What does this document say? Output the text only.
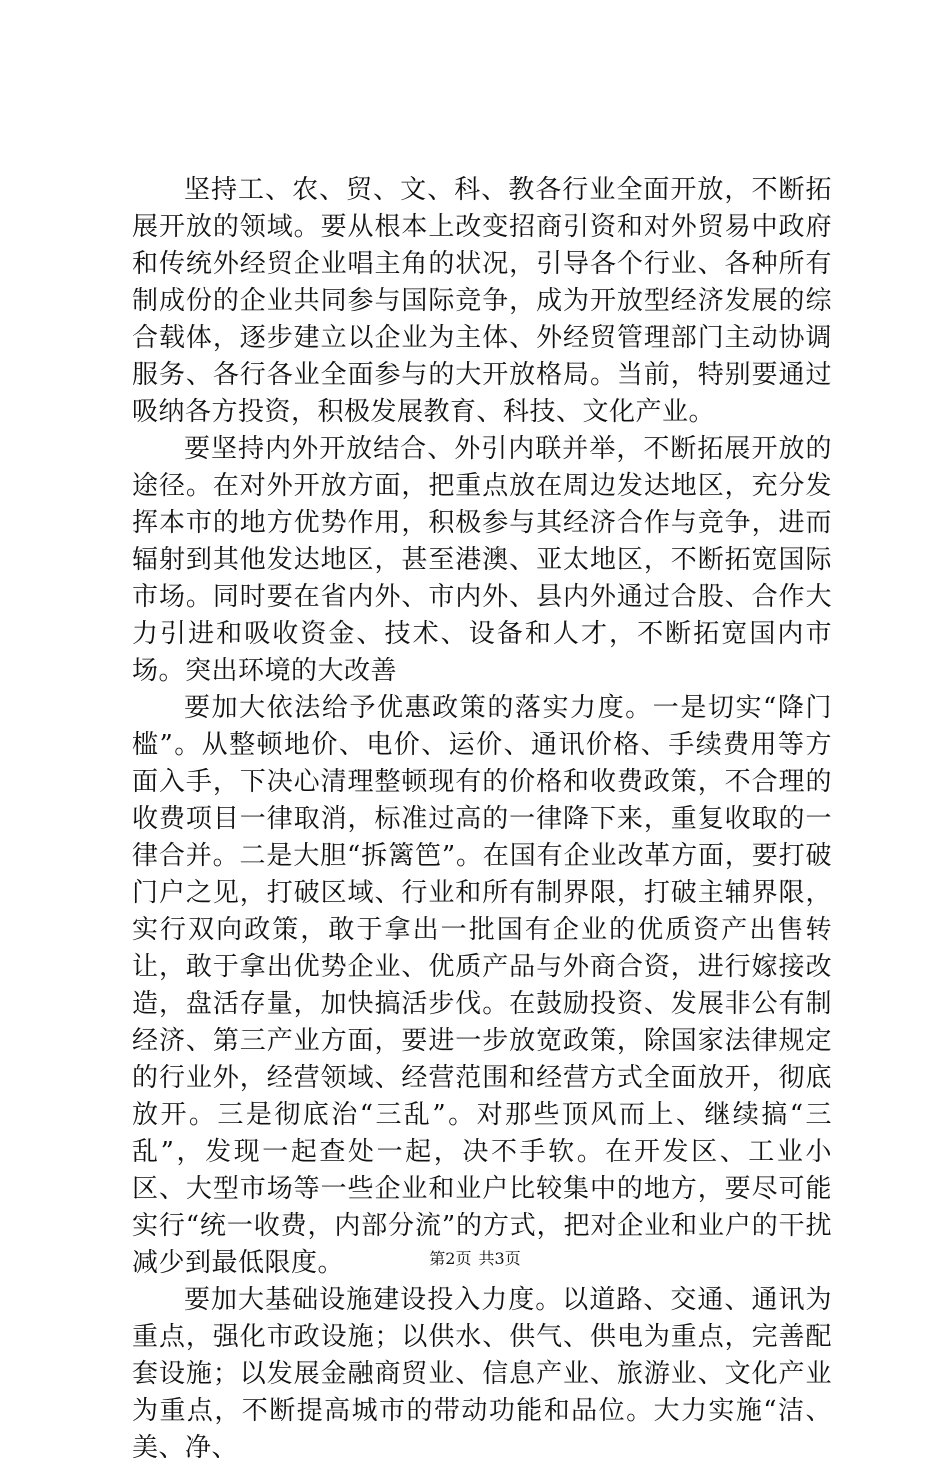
坚持工、农、贸、文、科、教各行业全面开放，不断拓展开放的领域。要从根本上改变招商引资和对外贸易中政府和传统外经贸企业唱主角的状况，引导各个行业、各种所有制成份的企业共同参与国际竞争，成为开放型经济发展的综合载体，逐步建立以企业为主体、外经贸管理部门主动协调服务、各行各业全面参与的大开放格局。当前，特别要通过吸纳各方投资，积极发展教育、科技、文化产业。

要坚持内外开放结合、外引内联并举，不断拓展开放的途径。在对外开放方面，把重点放在周边发达地区，充分发挥本市的地方优势作用，积极参与其经济合作与竞争，进而辐射到其他发达地区，甚至港澳、亚太地区，不断拓宽国际市场。同时要在省内外、市内外、县内外通过合股、合作大力引进和吸收资金、技术、设备和人才，不断拓宽国内市场。突出环境的大改善

要加大依法给予优惠政策的落实力度。一是切实“降门槛”。从整顿地价、电价、运价、通讯价格、手续费用等方面入手，下决心清理整顿现有的价格和收费政策，不合理的收费项目一律取消，标准过高的一律降下来，重复收取的一律合并。二是大胆“拆篱笆”。在国有企业改革方面，要打破门户之见，打破区域、行业和所有制界限，打破主辅界限，实行双向政策，敢于拿出一批国有企业的优质资产出售转让，敢于拿出优势企业、优质产品与外商合资，进行嫁接改造，盘活存量，加快搞活步伐。在鼓励投资、发展非公有制经济、第三产业方面，要进一步放宽政策，除国家法律规定的行业外，经营领域、经营范围和经营方式全面放开，彻底放开。三是彻底治“三乱”。对那些顶风而上、继续搞“三乱”，发现一起查处一起，决不手软。在开发区、工业小区、大型市场等一些企业和业户比较集中的地方，要尽可能实行“统一收费，内部分流”的方式，把对企业和业户的干扰减少到最低限度。

要加大基础设施建设投入力度。以道路、交通、通讯为重点，强化市政设施；以供水、供气、供电为重点，完善配套设施；以发展金融商贸业、信息产业、旅游业、文化产业为重点，不断提高城市的带动功能和品位。大力实施“洁、美、净、

第2页 共3页
